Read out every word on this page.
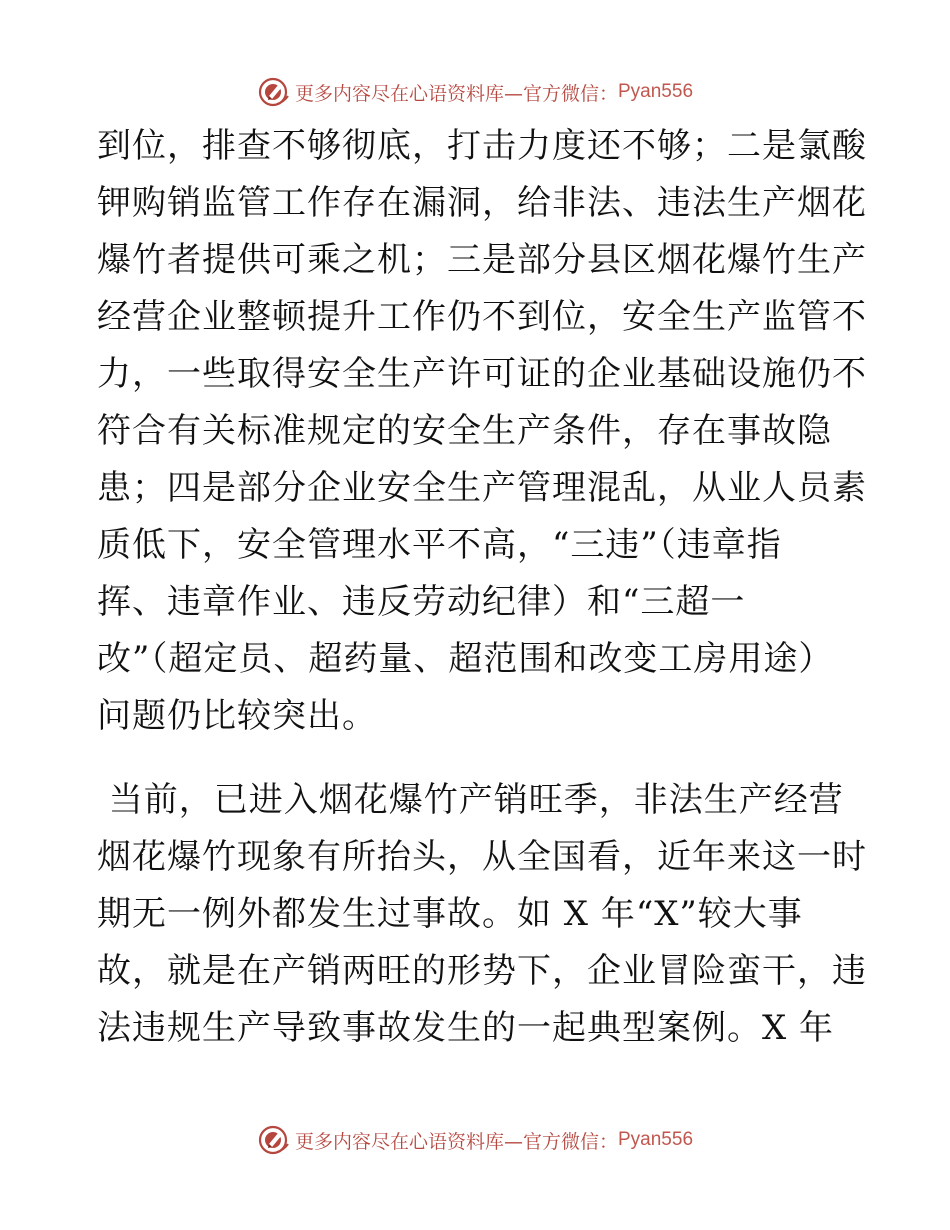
更多内容尽在心语资料库—官方微信： Pyan556
到位，排查不够彻底，打击力度还不够；二是氯酸
钾购销监管工作存在漏洞，给非法、违法生产烟花
爆竹者提供可乘之机；三是部分县区烟花爆竹生产
经营企业整顿提升工作仍不到位，安全生产监管不
力，一些取得安全生产许可证的企业基础设施仍不
符合有关标准规定的安全生产条件，存在事故隐
患；四是部分企业安全生产管理混乱，从业人员素
质低下，安全管理水平不高，“三违”（违章指
挥、违章作业、违反劳动纪律）和“三超一
改”（超定员、超药量、超范围和改变工房用途）
问题仍比较突出。
当前，已进入烟花爆竹产销旺季，非法生产经营
烟花爆竹现象有所抬头，从全国看，近年来这一时
期无一例外都发生过事故。如 X 年“X”较大事
故，就是在产销两旺的形势下，企业冒险蛮干，违
法违规生产导致事故发生的一起典型案例。X 年
更多内容尽在心语资料库—官方微信： Pyan556
